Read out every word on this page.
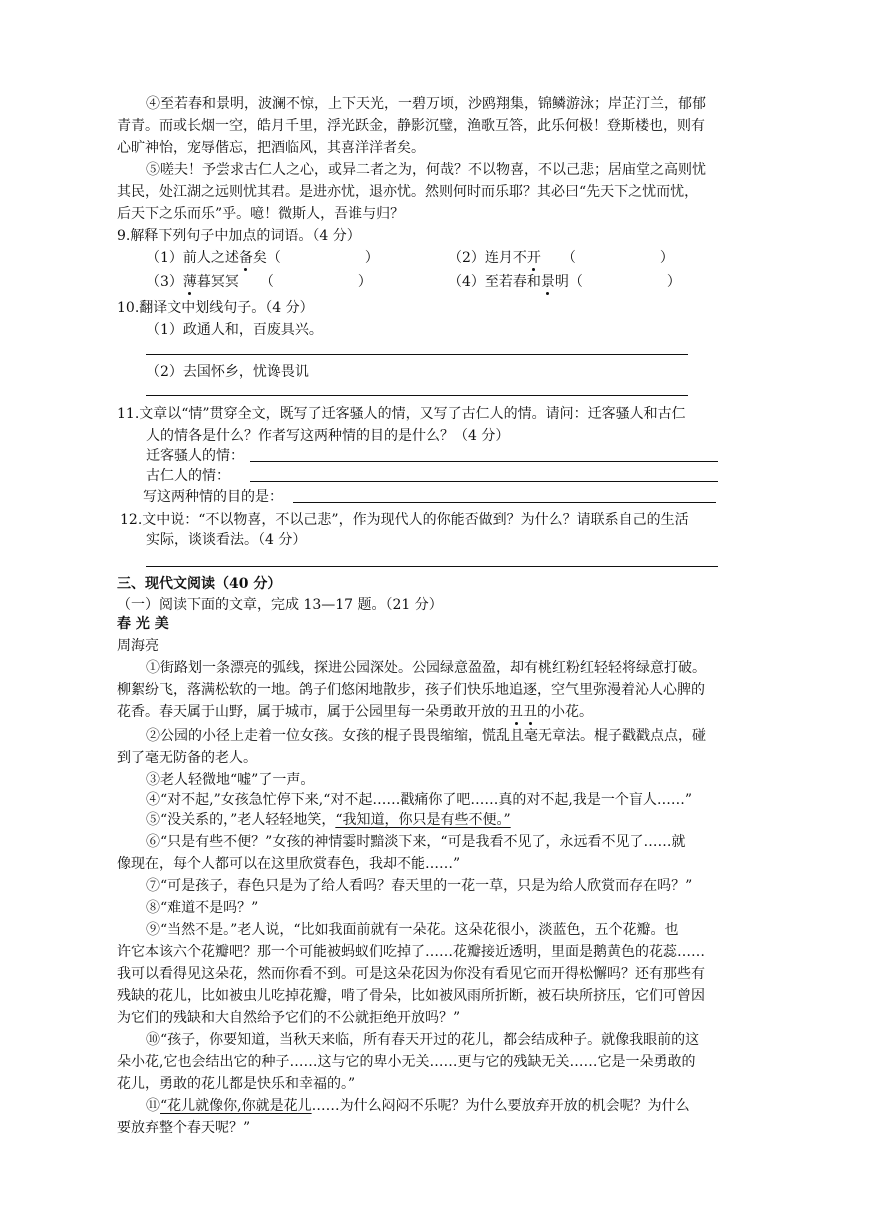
④至若春和景明，波澜不惊，上下天光，一碧万顷，沙鸥翔集，锦鳞游泳；岸芷汀兰，郁郁
青青。而或长烟一空，皓月千里，浮光跃金，静影沉璧，渔歌互答，此乐何极！登斯楼也，则有
心旷神怡，宠辱偕忘，把酒临风，其喜洋洋者矣。
⑤嗟夫！予尝求古仁人之心，或异二者之为，何哉？不以物喜，不以己悲；居庙堂之高则忧
其民，处江湖之远则忧其君。是进亦忧，退亦忧。然则何时而乐耶？其必曰“先天下之忧而忧，
后天下之乐而乐”乎。噫！微斯人，吾谁与归？
9.解释下列句子中加点的词语。（4 分）
（1）前人之述备矣（　　　　　　）	（2）连月不开　　（　　　　　　）
（3）薄暮冥冥　　（　　　　　　）	（4）至若春和景明（　　　　　　）
10.翻译文中划线句子。（4 分）
（1）政通人和，百废具兴。
（2）去国怀乡，忧谗畏讥
11.文章以“情”贯穿全文，既写了迁客骚人的情，又写了古仁人的情。请问：迁客骚人和古仁
人的情各是什么？作者写这两种情的目的是什么？（4 分）
迁客骚人的情：
古仁人的情：
写这两种情的目的是：
12.文中说：“不以物喜，不以己悲”，作为现代人的你能否做到？为什么？请联系自己的生活
实际，谈谈看法。（4 分）
三、现代文阅读（40 分）
（一）阅读下面的文章，完成 13—17 题。（21 分）
春 光 美
周海亮
①街路划一条漂亮的弧线，探进公园深处。公园绿意盈盈，却有桃红粉红轻轻将绿意打破。
柳絮纷飞，落满松软的一地。鸽子们悠闲地散步，孩子们快乐地追逐，空气里弥漫着沁人心脾的
花香。春天属于山野，属于城市，属于公园里每一朵勇敢开放的丑丑的小花。
②公园的小径上走着一位女孩。女孩的棍子畏畏缩缩，慌乱且毫无章法。棍子戳戳点点，碰
到了毫无防备的老人。
③老人轻微地“嘘”了一声。
④“对不起,”女孩急忙停下来,“对不起……戳痛你了吧……真的对不起,我是一个盲人……”
⑤“没关系的，”老人轻轻地笑，“我知道，你只是有些不便。”
⑥“只是有些不便？”女孩的神情霎时黯淡下来，“可是我看不见了，永远看不见了……就
像现在，每个人都可以在这里欣赏春色，我却不能……”
⑦“可是孩子，春色只是为了给人看吗？春天里的一花一草，只是为给人欣赏而存在吗？”
⑧“难道不是吗？”
⑨“当然不是。”老人说，“比如我面前就有一朵花。这朵花很小，淡蓝色，五个花瓣。也
许它本该六个花瓣吧？那一个可能被蚂蚁们吃掉了……花瓣接近透明，里面是鹅黄色的花蕊……
我可以看得见这朵花，然而你看不到。可是这朵花因为你没有看见它而开得松懈吗？还有那些有
残缺的花儿，比如被虫儿吃掉花瓣，啃了骨朵，比如被风雨所折断，被石块所挤压，它们可曾因
为它们的残缺和大自然给予它们的不公就拒绝开放吗？”
⑩“孩子，你要知道，当秋天来临，所有春天开过的花儿，都会结成种子。就像我眼前的这
朵小花,它也会结出它的种子……这与它的卑小无关……更与它的残缺无关……它是一朵勇敢的
花儿，勇敢的花儿都是快乐和幸福的。”
⑪“花儿就像你,你就是花儿……为什么闷闷不乐呢？为什么要放弃开放的机会呢？为什么
要放弃整个春天呢？”
